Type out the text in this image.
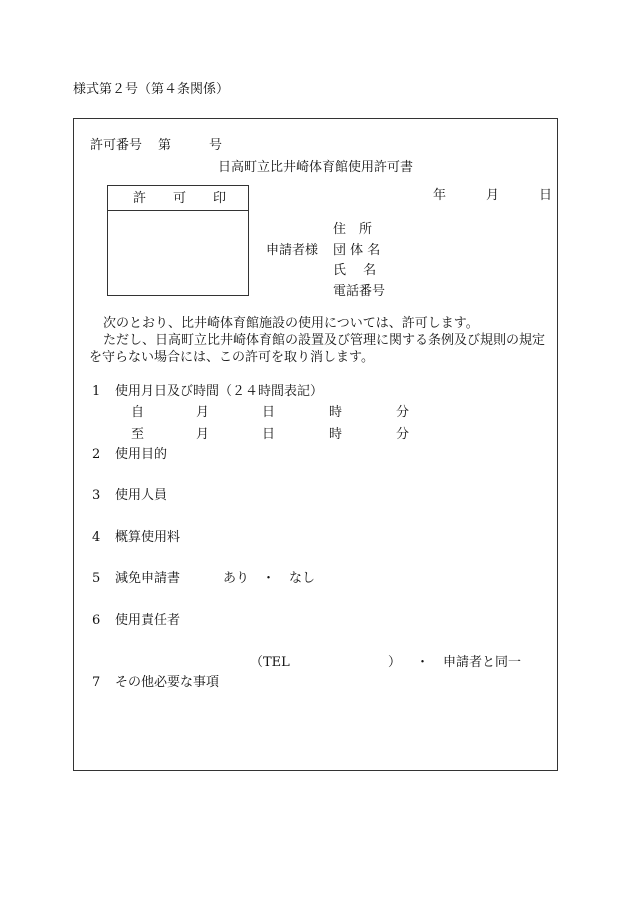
様式第２号（第４条関係）
許可番号 第	号
日高町立比井崎体育館使用許可書
許 可 印	年	月	日
住　所
申請者様 団 体 名
氏　 名
電話番号
次のとおり、比井崎体育館施設の使用については、許可します。
ただし、日高町立比井崎体育館の設置及び管理に関する条例及び規則の規定
を守らない場合には、この許可を取り消します。
1 使用月日及び時間（２４時間表記）
自	月	日	時	分
至	月	日	時	分
2 使用目的
3 使用人員
4 概算使用料
5 減免申請書	あり ・ なし
6 使用責任者
（TEL	） ・ 申請者と同一
7 その他必要な事項
